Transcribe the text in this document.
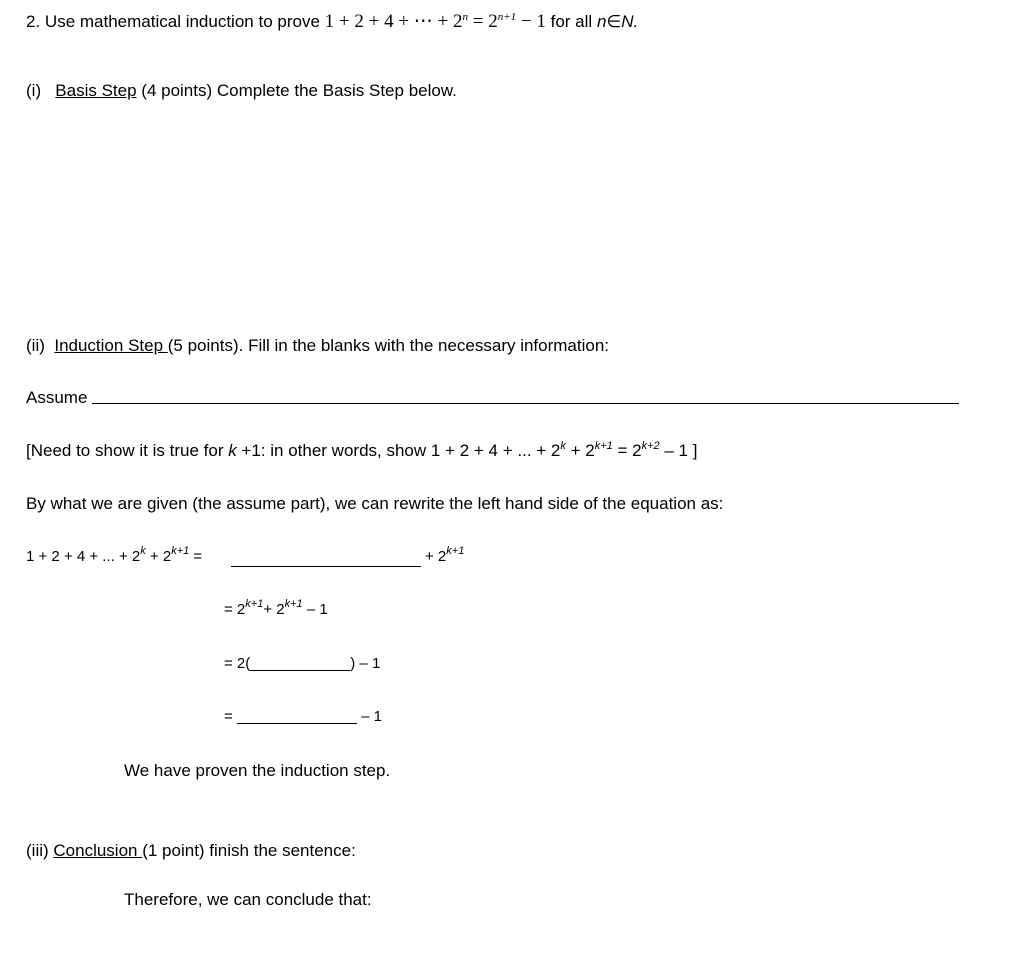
2. Use mathematical induction to prove 1 + 2 + 4 + ⋯ + $2^n = 2^{n+1} - 1$ for all n∈N.
(i) Basis Step (4 points) Complete the Basis Step below.
(ii) Induction Step (5 points). Fill in the blanks with the necessary information:
Assume
[Need to show it is true for k +1: in other words, show 1 + 2 + 4 + ... + $2^k + 2^{k+1} = 2^{k+2} - 1$ ]
By what we are given (the assume part), we can rewrite the left hand side of the equation as:
1 + 2 + 4 + ... + $2^k + 2^{k+1}$ =	+ $2^{k+1}$
= $2^{k+1}+ 2^{k+1} - 1$
= 2(	) – 1
=	– 1
We have proven the induction step.
(iii) Conclusion (1 point) finish the sentence:
Therefore, we can conclude that:
